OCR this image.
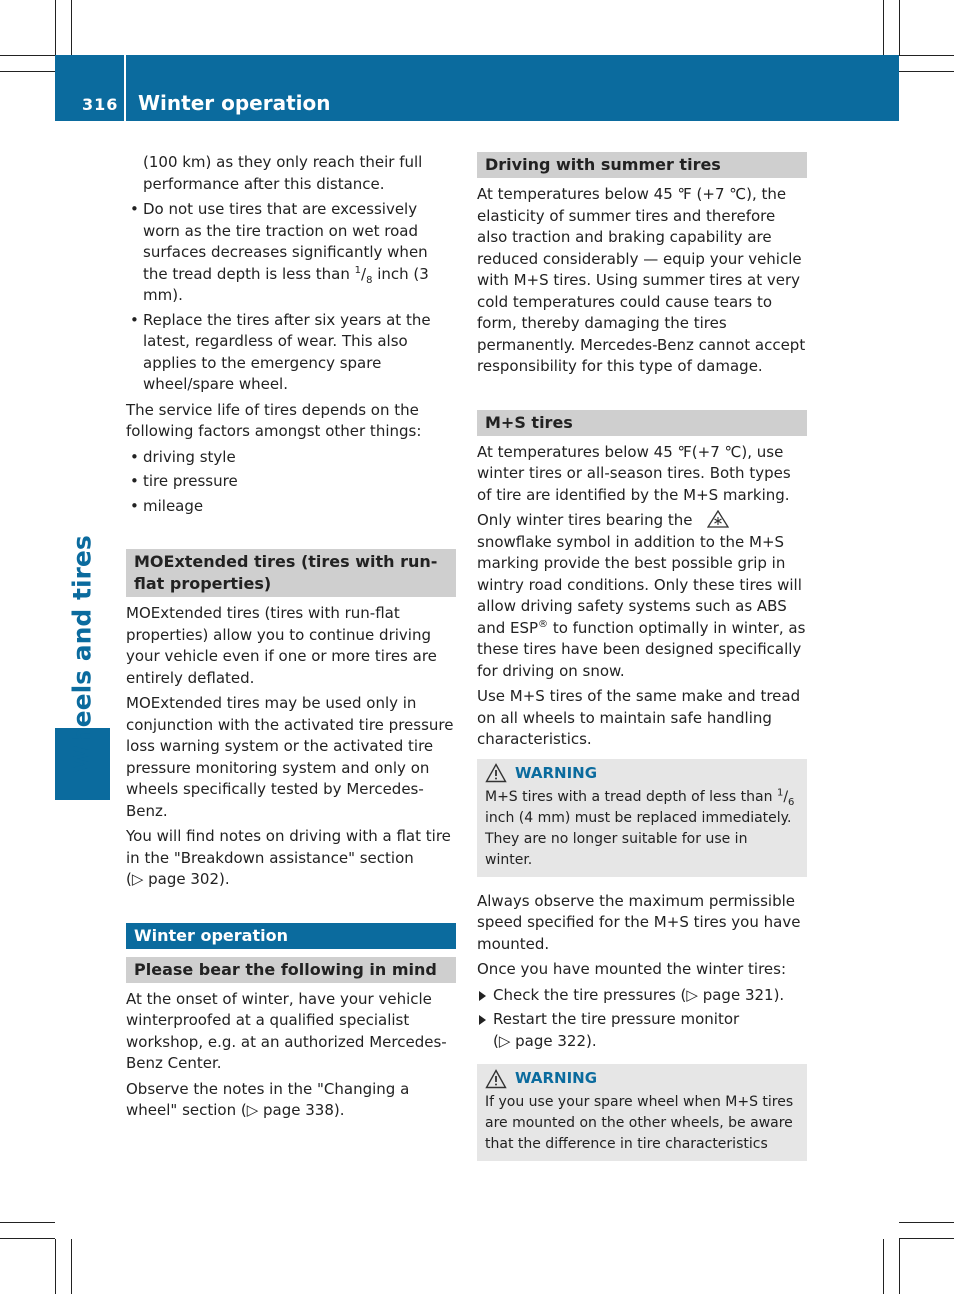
316 Winter operation
Wheels and tires

(100 km) as they only reach their full performance after this distance.

• Do not use tires that are excessively worn as the tire traction on wet road surfaces decreases significantly when the tread depth is less than $^1/_8$ inch (3 mm).
• Replace the tires after six years at the latest, regardless of wear. This also applies to the emergency spare wheel/spare wheel.

The service life of tires depends on the following factors amongst other things:

• driving style
• tire pressure
• mileage
MOExtended tires (tires with run-flat properties)

MOExtended tires (tires with run-flat properties) allow you to continue driving your vehicle even if one or more tires are entirely deflated.

MOExtended tires may be used only in conjunction with the activated tire pressure loss warning system or the activated tire pressure monitoring system and only on wheels specifically tested by Mercedes-Benz.

You will find notes on driving with a flat tire in the "Breakdown assistance" section
(▷ page 302).

Winter operation
Please bear the following in mind

At the onset of winter, have your vehicle winterproofed at a qualified specialist workshop, e.g. at an authorized Mercedes-Benz Center.

Observe the notes in the "Changing a wheel" section (▷ page 338).

Driving with summer tires

At temperatures below 45 ℉ (+7 ℃), the elasticity of summer tires and therefore also traction and braking capability are reduced considerably — equip your vehicle with M+S tires. Using summer tires at very cold temperatures could cause tears to form, thereby damaging the tires permanently. Mercedes-Benz cannot accept responsibility for this type of damage.

M+S tires

At temperatures below 45 ℉(+7 ℃), use winter tires or all-season tires. Both types of tire are identified by the M+S marking.

Only winter tires bearing thesnowflake symbol in addition to the M+S marking provide the best possible grip in wintry road conditions. Only these tires will allow driving safety systems such as ABS and ESP® to function optimally in winter, as these tires have been designed specifically for driving on snow.

Use M+S tires of the same make and tread on all wheels to maintain safe handling characteristics.

WARNING
M+S tires with a tread depth of less than $^1/_6$ inch (4 mm) must be replaced immediately. They are no longer suitable for use in winter.

Always observe the maximum permissible speed specified for the M+S tires you have mounted.

Once you have mounted the winter tires:

Check the tire pressures (▷ page 321).
Restart the tire pressure monitor
(▷ page 322).
WARNING
If you use your spare wheel when M+S tires are mounted on the other wheels, be aware that the difference in tire characteristics
